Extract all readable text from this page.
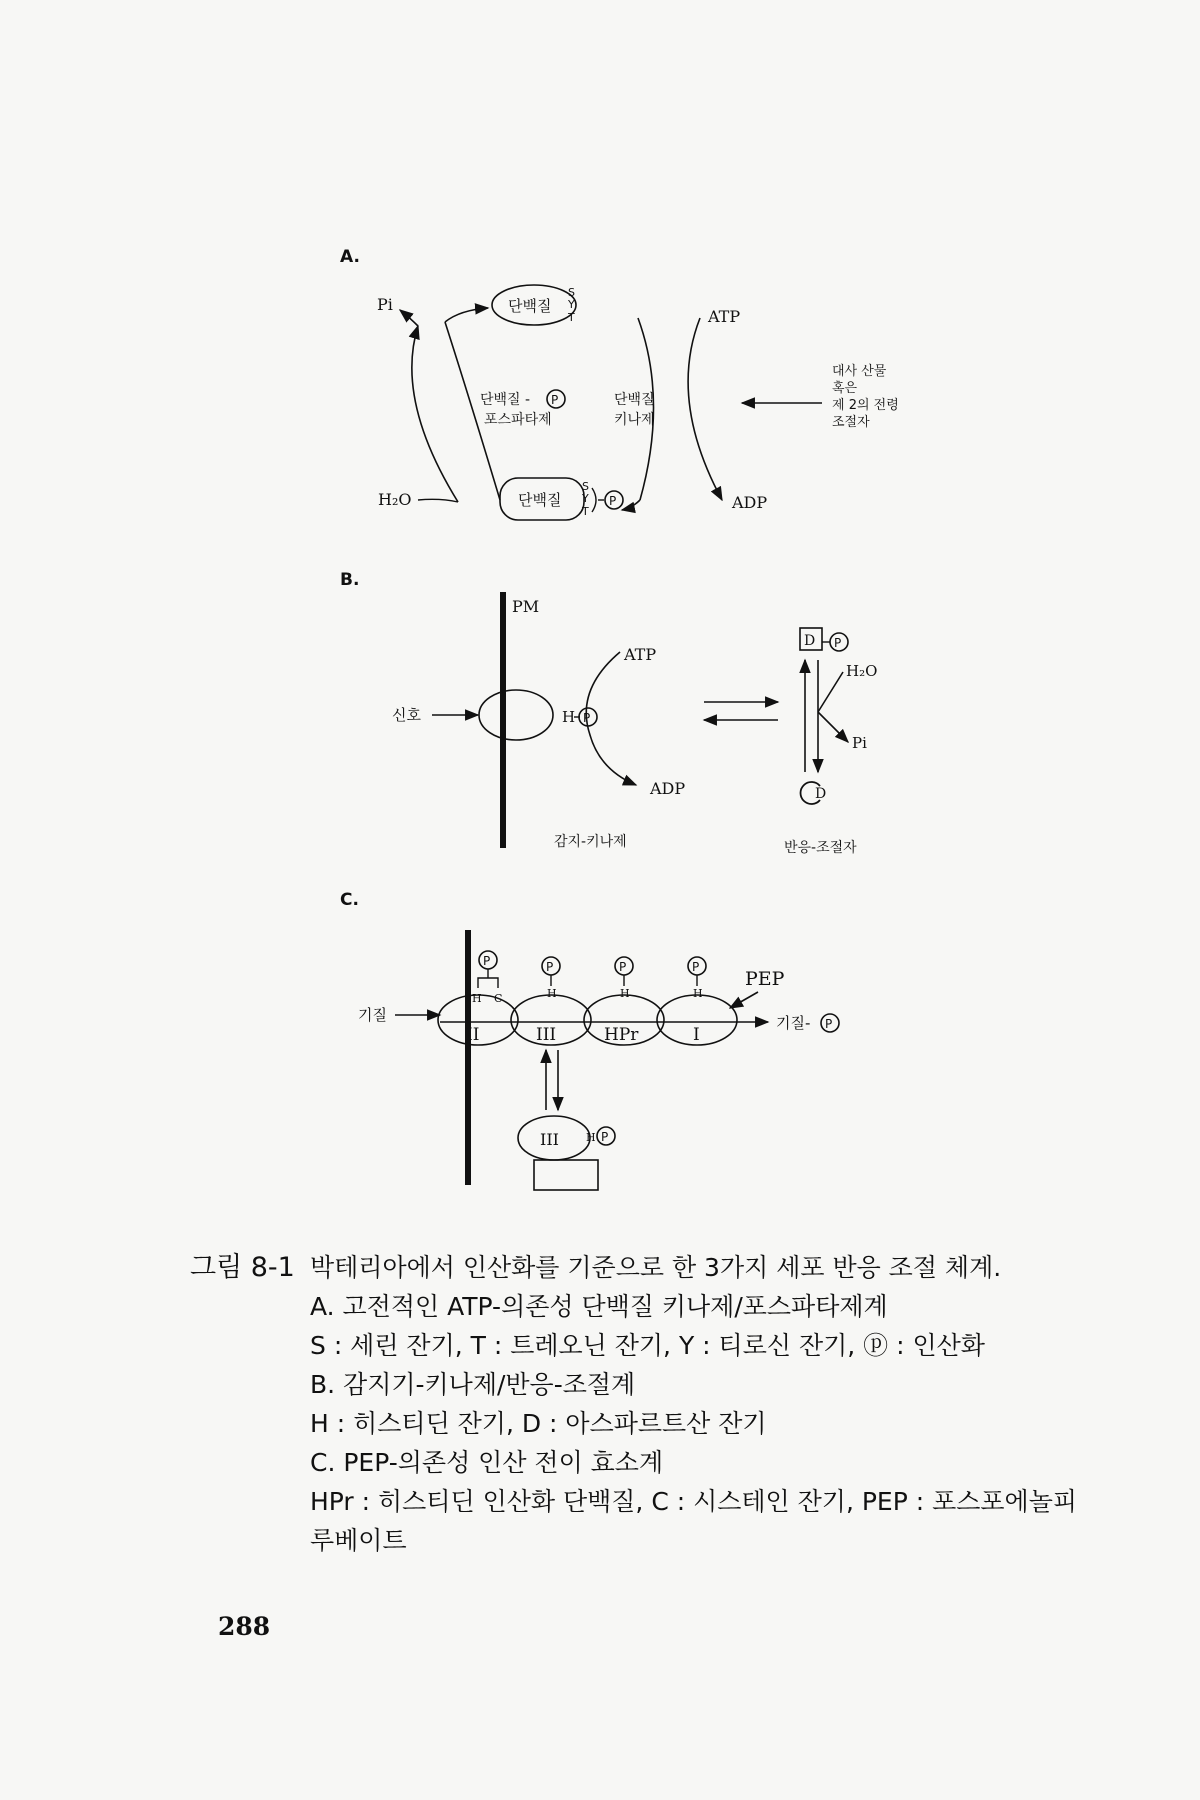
A.
단백질
S
Y
T
단백질
S
Y
T
P
Pi
H₂O
ATP
ADP
단백질 - P
포스파타제
단백질
키나제
대사 산물
혹은
제 2의 전령
조절자
B.
PM
신호	H P
ATP
ADP
D P
H₂O
Pi
D
감지-키나제	반응-조절자
C.
기질
II	III	HPr	I
P
H C
P
H
P
H
P
H
PEP
기질- P
III H P
그림 8-1 박테리아에서 인산화를 기준으로 한 3가지 세포 반응 조절 체계.
A. 고전적인 ATP-의존성 단백질 키나제/포스파타제계
S : 세린 잔기, T : 트레오닌 잔기, Y : 티로신 잔기, ⓟ : 인산화
B. 감지기-키나제/반응-조절계
H : 히스티딘 잔기, D : 아스파르트산 잔기
C. PEP-의존성 인산 전이 효소계
HPr : 히스티딘 인산화 단백질, C : 시스테인 잔기, PEP : 포스포에놀피
루베이트
288
